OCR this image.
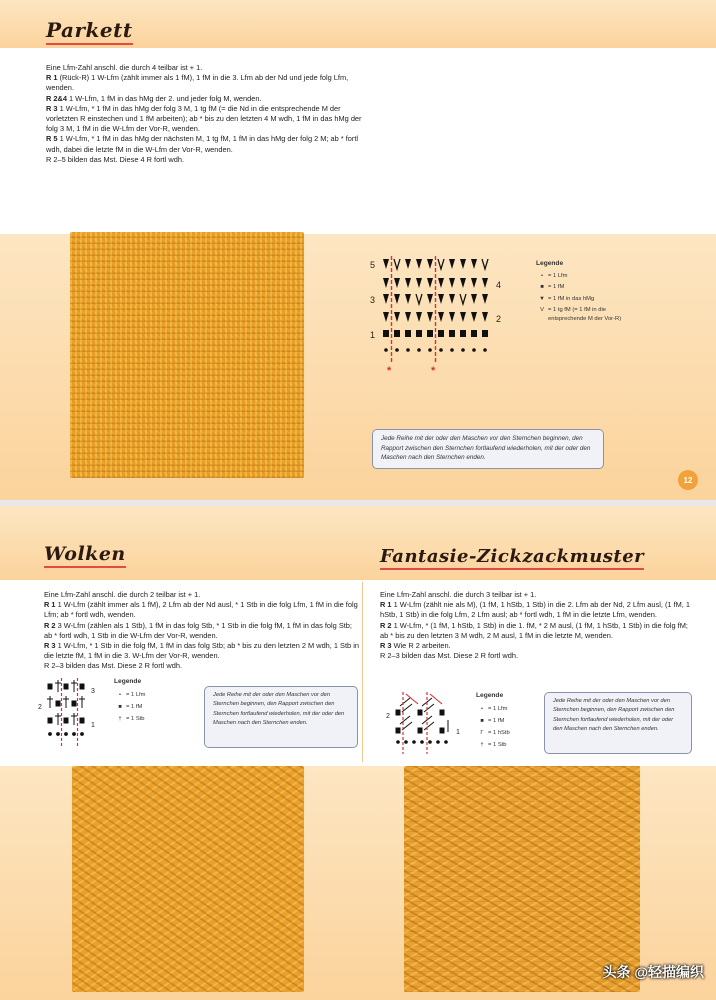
Parkett

Eine Lfm-Zahl anschl. die durch 4 teilbar ist + 1.

R 1 (Rück-R) 1 W-Lfm (zählt immer als 1 fM), 1 fM in die 3. Lfm ab der Nd und jede folg Lfm, wenden.

R 2&4 1 W-Lfm, 1 fM in das hMg der 2. und jeder folg M, wenden.

R 3 1 W-Lfm, * 1 fM in das hMg der folg 3 M, 1 tg fM (= die Nd in die entsprechende M der vorletzten R einstechen und 1 fM arbeiten); ab * bis zu den letzten 4 M wdh, 1 fM in das hMg der folg 3 M, 1 fM in die W-Lfm der Vor-R, wenden.

R 5 1 W-Lfm, * 1 fM in das hMg der nächsten M, 1 tg fM, 1 fM in das hMg der folg 2 M; ab * fortl wdh, dabei die letzte fM in die W-Lfm der Vor-R, wenden.

R 2–5 bilden das Mst. Diese 4 R fortl wdh.

5
4
3
2
1
*	*
Legende
• = 1 Lfm
■ = 1 fM
▼ = 1 fM in das hMg
V = 1 tg fM (= 1 fM in die entsprechende M der Vor-R)
Jede Reihe mit der oder den Maschen vor den Sternchen beginnen, den Rapport zwischen den Sternchen fortlaufend wiederholen, mit der oder den Maschen nach den Sternchen enden.
12
Wolken

Eine Lfm-Zahl anschl. die durch 2 teilbar ist + 1.

R 1 1 W-Lfm (zählt immer als 1 fM), 2 Lfm ab der Nd ausl, * 1 Stb in die folg Lfm, 1 fM in die folg Lfm; ab * fortl wdh, wenden.

R 2 3 W-Lfm (zählen als 1 Stb), 1 fM in das folg Stb, * 1 Stb in die folg fM, 1 fM in das folg Stb; ab * fortl wdh, 1 Stb in die W-Lfm der Vor-R, wenden.

R 3 1 W-Lfm, * 1 Stb in die folg fM, 1 fM in das folg Stb; ab * bis zu den letzten 2 M wdh, 1 Stb in die letzte fM, 1 fM in die 3. W-Lfm der Vor-R, wenden.

R 2–3 bilden das Mst. Diese 2 R fortl wdh.

3
2
1
Legende
• = 1 Lfm
■ = 1 fM
† = 1 Stb
Jede Reihe mit der oder den Maschen vor den Sternchen beginnen, den Rapport zwischen den Sternchen fortlaufend wiederholen, mit der oder den Maschen nach den Sternchen enden.
Fantasie-Zickzackmuster

Eine Lfm-Zahl anschl. die durch 3 teilbar ist + 1.

R 1 1 W-Lfm (zählt nie als M), (1 fM, 1 hStb, 1 Stb) in die 2. Lfm ab der Nd, 2 Lfm ausl, (1 fM, 1 hStb, 1 Stb) in die folg Lfm, 2 Lfm ausl; ab * fortl wdh, 1 fM in die letzte Lfm, wenden.

R 2 1 W-Lfm, * (1 fM, 1 hStb, 1 Stb) in die 1. fM, * 2 M ausl, (1 fM, 1 hStb, 1 Stb) in die folg fM; ab * bis zu den letzten 3 M wdh, 2 M ausl, 1 fM in die letzte M, wenden.

R 3 Wie R 2 arbeiten.

R 2–3 bilden das Mst. Diese 2 R fortl wdh.

2
1
Legende
• = 1 Lfm
■ = 1 fM
Γ = 1 hStb
† = 1 Stb
Jede Reihe mit der oder den Maschen vor den Sternchen beginnen, den Rapport zwischen den Sternchen fortlaufend wiederholen, mit der oder den Maschen nach den Sternchen enden.
头条 @轻描编织
